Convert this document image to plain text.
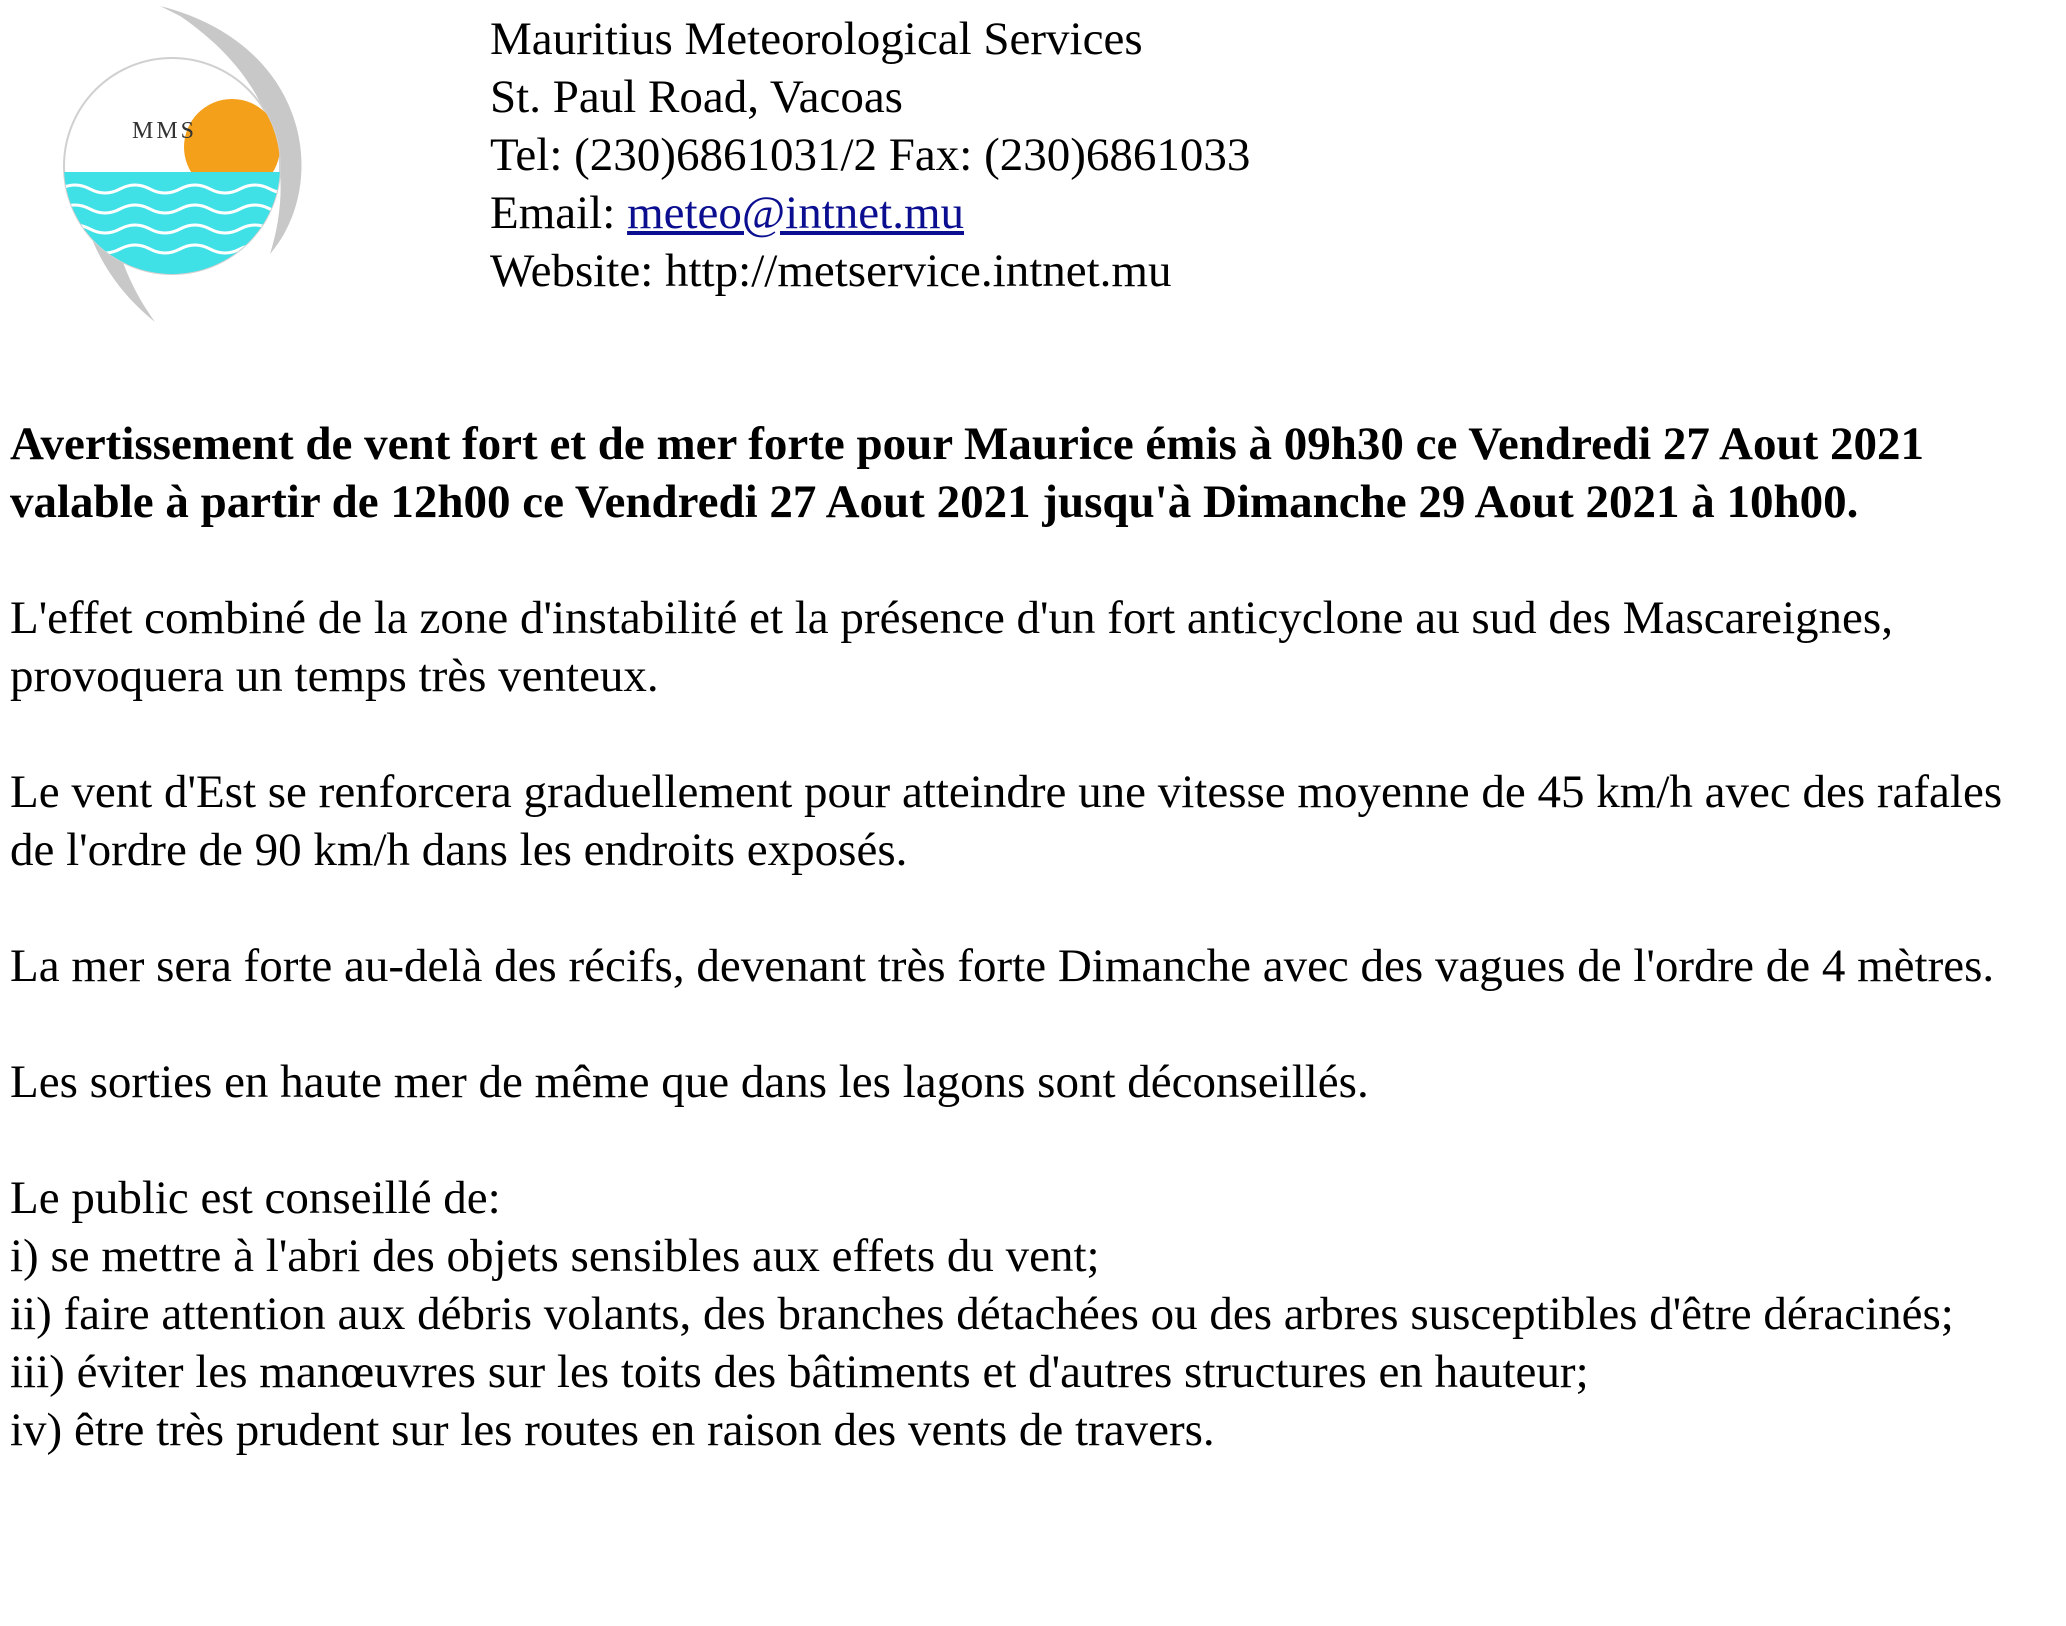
MMS
Mauritius Meteorological Services
St. Paul Road, Vacoas
Tel: (230)6861031/2 Fax: (230)6861033
Email: meteo@intnet.mu
Website: http://metservice.intnet.mu

Avertissement de vent fort et de mer forte pour Maurice émis à 09h30 ce Vendredi 27 Aout 2021 valable à partir de 12h00 ce Vendredi 27 Aout 2021 jusqu'à Dimanche 29 Aout 2021 à 10h00.

L'effet combiné de la zone d'instabilité et la présence d'un fort anticyclone au sud des Mascareignes, provoquera un temps très venteux.

Le vent d'Est se renforcera graduellement pour atteindre une vitesse moyenne de 45 km/h avec des rafales de l'ordre de 90 km/h dans les endroits exposés.

La mer sera forte au-delà des récifs, devenant très forte Dimanche avec des vagues de l'ordre de 4 mètres.

Les sorties en haute mer de même que dans les lagons sont déconseillés.

Le public est conseillé de:

i) se mettre à l'abri des objets sensibles aux effets du vent;
ii) faire attention aux débris volants, des branches détachées ou des arbres susceptibles d'être déracinés;
iii) éviter les manœuvres sur les toits des bâtiments et d'autres structures en hauteur;
iv) être très prudent sur les routes en raison des vents de travers.
